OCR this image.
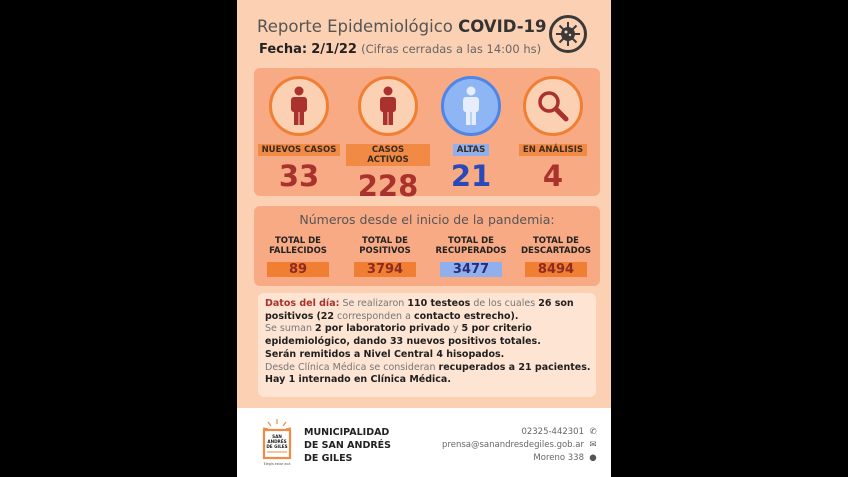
Reporte Epidemiológico COVID-19
Fecha: 2/1/22 (Cifras cerradas a las 14:00 hs)
NUEVOS CASOS
33
CASOS ACTIVOS
228
ALTAS
21
EN ANÁLISIS
4
Números desde el inicio de la pandemia:
TOTAL DE
FALLECIDOS
89
TOTAL DE
POSITIVOS
3794
TOTAL DE
RECUPERADOS
3477
TOTAL DE
DESCARTADOS
8494
Datos del día: Se realizaron 110 testeos de los cuales 26 son positivos (22 corresponden a contacto estrecho).
Se suman 2 por laboratorio privado y 5 por criterio epidemiológico, dando 33 nuevos positivos totales.
Serán remitidos a Nivel Central 4 hisopados.
Desde Clínica Médica se consideran recuperados a 21 pacientes.
Hay 1 internado en Clínica Médica.
SAN
ANDRÉS
DE GILES
Elegís estar acá
MUNICIPALIDAD
DE SAN ANDRÉS
DE GILES
02325-442301 ✆
prensa@sanandresdegiles.gob.ar ✉
Moreno 338 ●
